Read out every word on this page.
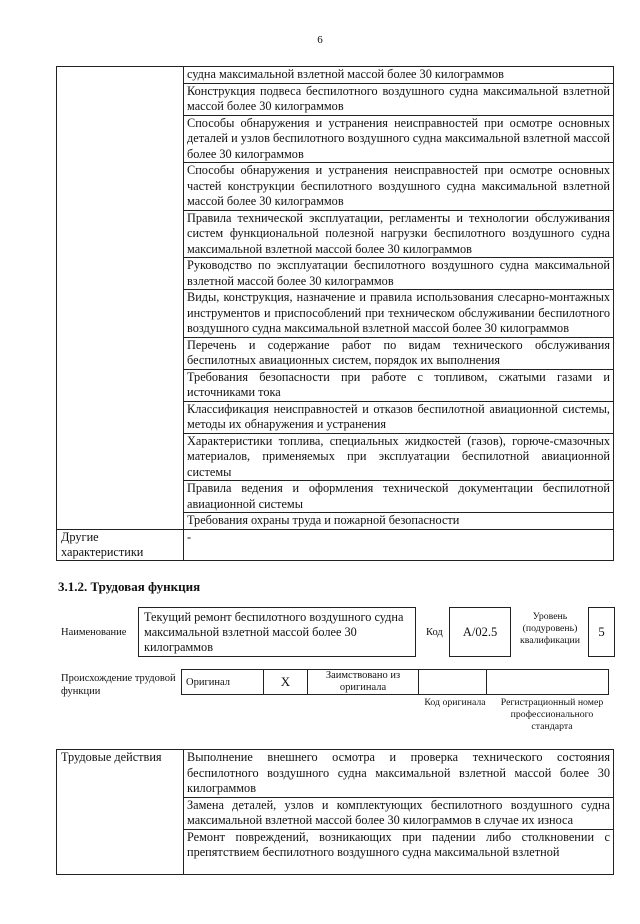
6
	судна максимальной взлетной массой более 30 килограммов
	Конструкция подвеса беспилотного воздушного судна максимальной взлетной массой более 30 килограммов
	Способы обнаружения и устранения неисправностей при осмотре основных деталей и узлов беспилотного воздушного судна максимальной взлетной массой более 30 килограммов
	Способы обнаружения и устранения неисправностей при осмотре основных частей конструкции беспилотного воздушного судна максимальной взлетной массой более 30 килограммов
	Правила технической эксплуатации, регламенты и технологии обслуживания систем функциональной полезной нагрузки беспилотного воздушного судна максимальной взлетной массой более 30 килограммов
	Руководство по эксплуатации беспилотного воздушного судна максимальной взлетной массой более 30 килограммов
	Виды, конструкция, назначение и правила использования слесарно-монтажных инструментов и приспособлений при техническом обслуживании беспилотного воздушного судна максимальной взлетной массой более 30 килограммов
	Перечень и содержание работ по видам технического обслуживания беспилотных авиационных систем, порядок их выполнения
	Требования безопасности при работе с топливом, сжатыми газами и источниками тока
	Классификация неисправностей и отказов беспилотной авиационной системы, методы их обнаружения и устранения
	Характеристики топлива, специальных жидкостей (газов), горюче-смазочных материалов, применяемых при эксплуатации беспилотной авиационной системы
	Правила ведения и оформления технической документации беспилотной авиационной системы
	Требования охраны труда и пожарной безопасности
Другие характеристики	-
3.1.2. Трудовая функция
Наименование
Текущий ремонт беспилотного воздушного судна максимальной взлетной массой более 30 килограммов
Код	A/02.5
Уровень (подуровень) квалификации
5
Происхождение трудовой функции
Оригинал	X	Заимствовано из оригинала		
Код оригинала	Регистрационный номер профессионального стандарта
Трудовые действия	Выполнение внешнего осмотра и проверка технического состояния беспилотного воздушного судна максимальной взлетной массой более 30 килограммов
Замена деталей, узлов и комплектующих беспилотного воздушного судна максимальной взлетной массой более 30 килограммов в случае их износа
Ремонт повреждений, возникающих при падении либо столкновении с препятствием беспилотного воздушного судна максимальной взлетной
